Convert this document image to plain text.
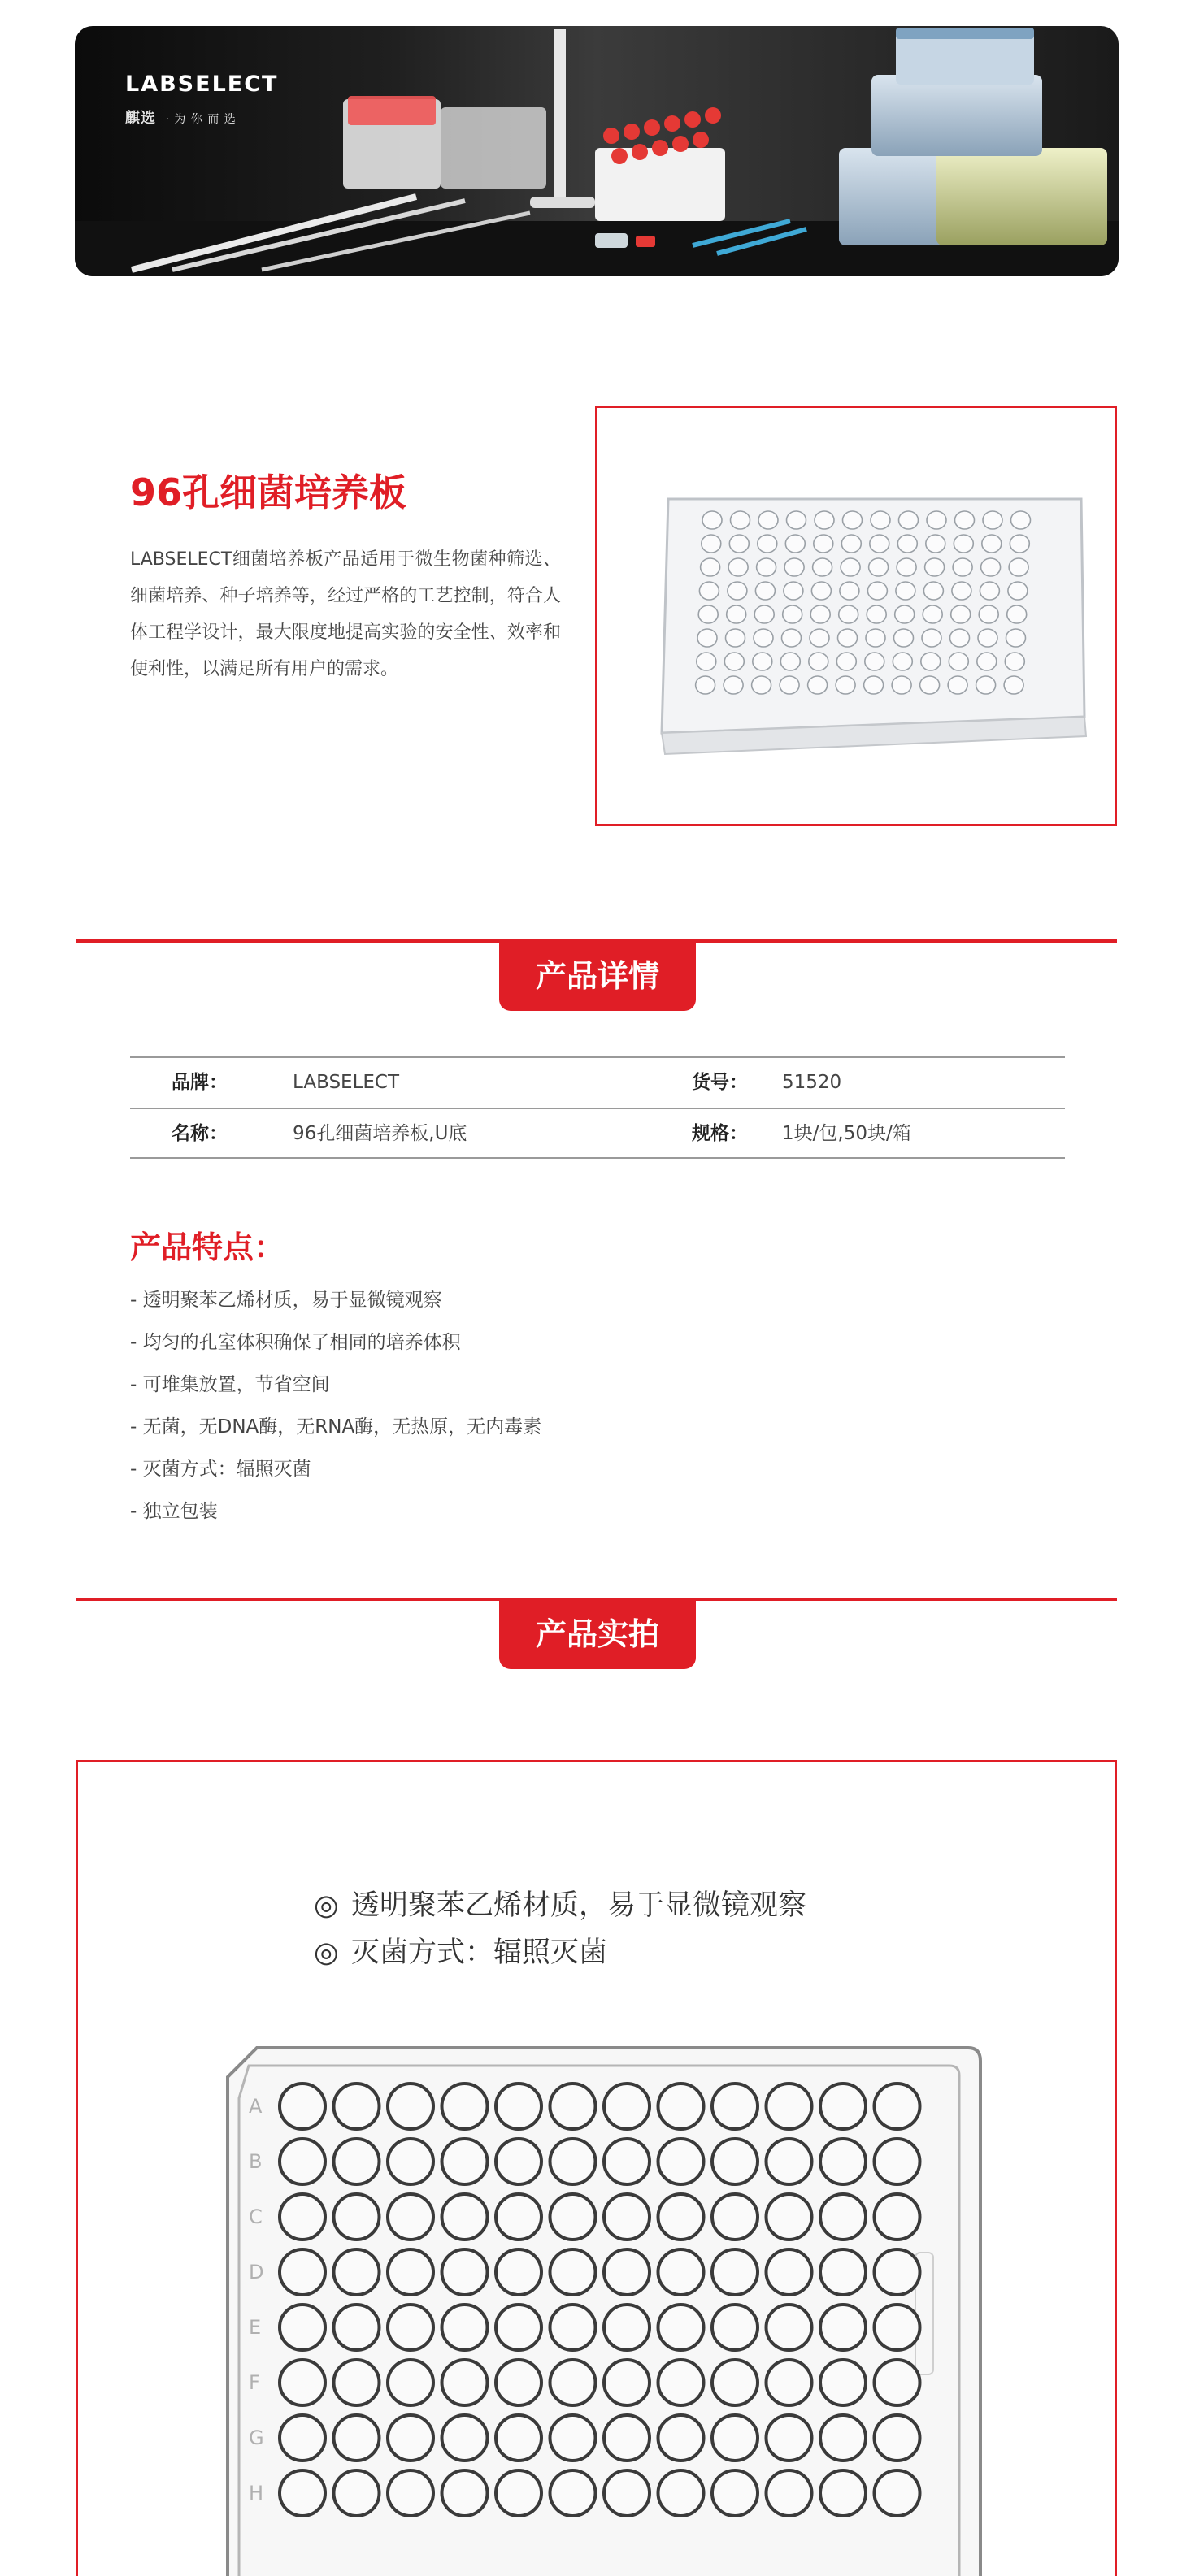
LABSELECT
麒选 · 为 你 而 选
96孔细菌培养板

LABSELECT细菌培养板产品适用于微生物菌种筛选、细菌培养、种子培养等，经过严格的工艺控制，符合人体工程学设计，最大限度地提高实验的安全性、效率和便利性，以满足所有用户的需求。

产品详情
品牌：	LABSELECT	货号： 51520
名称：	96孔细菌培养板,U底	规格： 1块/包,50块/箱
产品特点：
- 透明聚苯乙烯材质，易于显微镜观察
- 均匀的孔室体积确保了相同的培养体积
- 可堆集放置，节省空间
- 无菌，无DNA酶，无RNA酶，无热原，无内毒素
- 灭菌方式：辐照灭菌
- 独立包装
产品实拍
◎ 透明聚苯乙烯材质，易于显微镜观察
◎ 灭菌方式：辐照灭菌
A
B
C
D
E
F
G
H
